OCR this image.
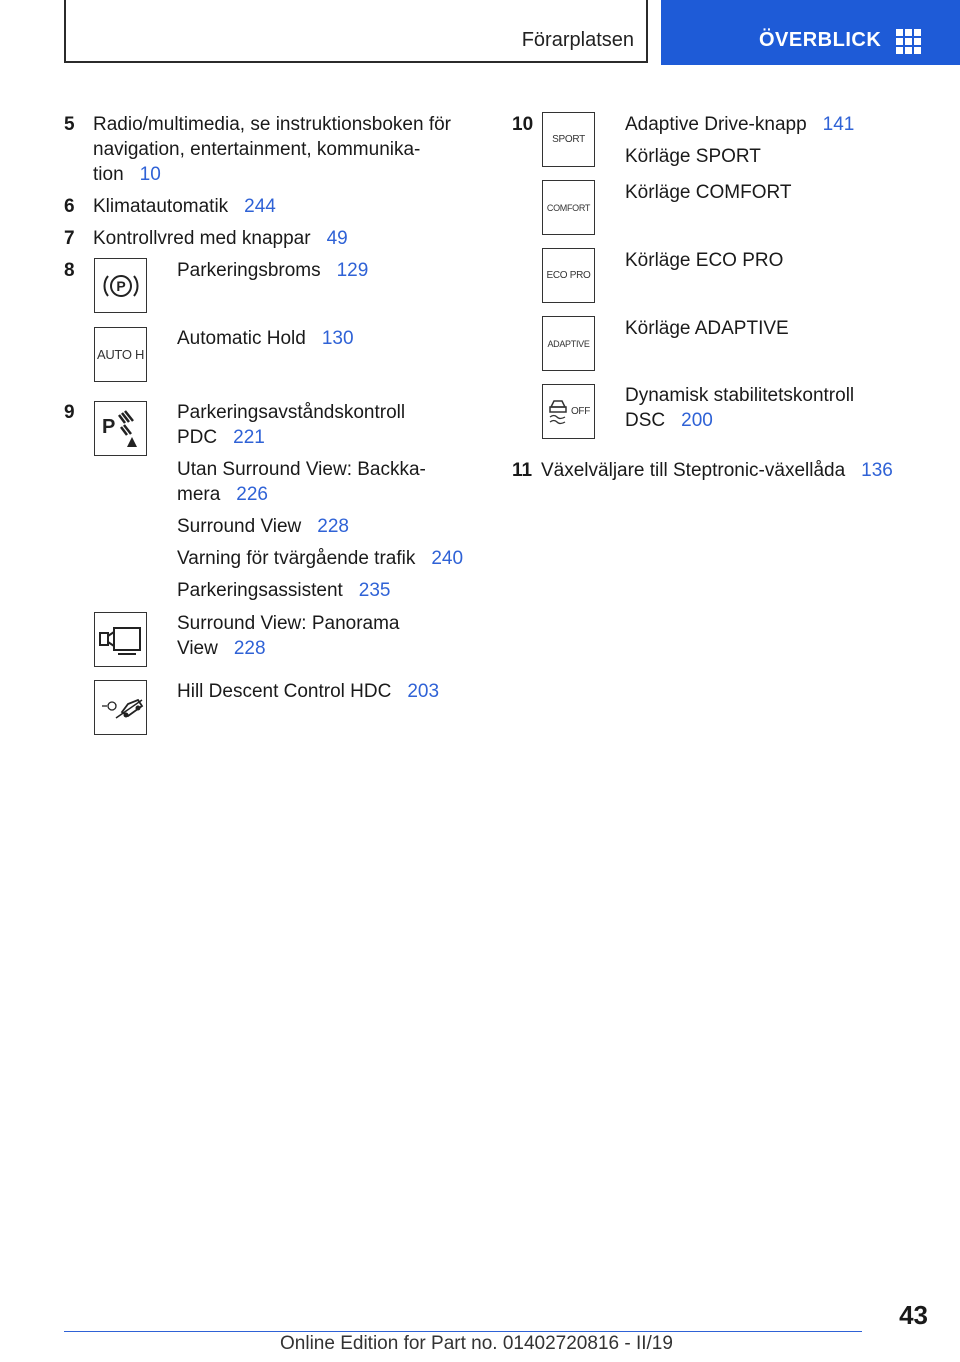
Förarplatsen	ÖVERBLICK
5 Radio/multimedia, se instruktionsboken för
navigation, entertainment, kommunika-
tion 10
6 Klimatautomatik 244
7 Kontrollvred med knappar 49
8
P
Parkeringsbroms 129
AUTO H
Automatic Hold 130
9
P
Parkeringsavståndskontroll
PDC 221
Utan Surround View: Backka-
mera 226
Surround View 228
Varning för tvärgående trafik 240
Parkeringsassistent 235
Surround View: Panorama
View 228
Hill Descent Control HDC 203
10
SPORT
Adaptive Drive-knapp 141
Körläge SPORT
COMFORT
Körläge COMFORT
ECO PRO
Körläge ECO PRO
ADAPTIVE
Körläge ADAPTIVE
OFF
Dynamisk stabilitetskontroll
DSC 200
11 Växelväljare till Steptronic-växellåda 136
43
Online Edition for Part no. 01402720816 - II/19
